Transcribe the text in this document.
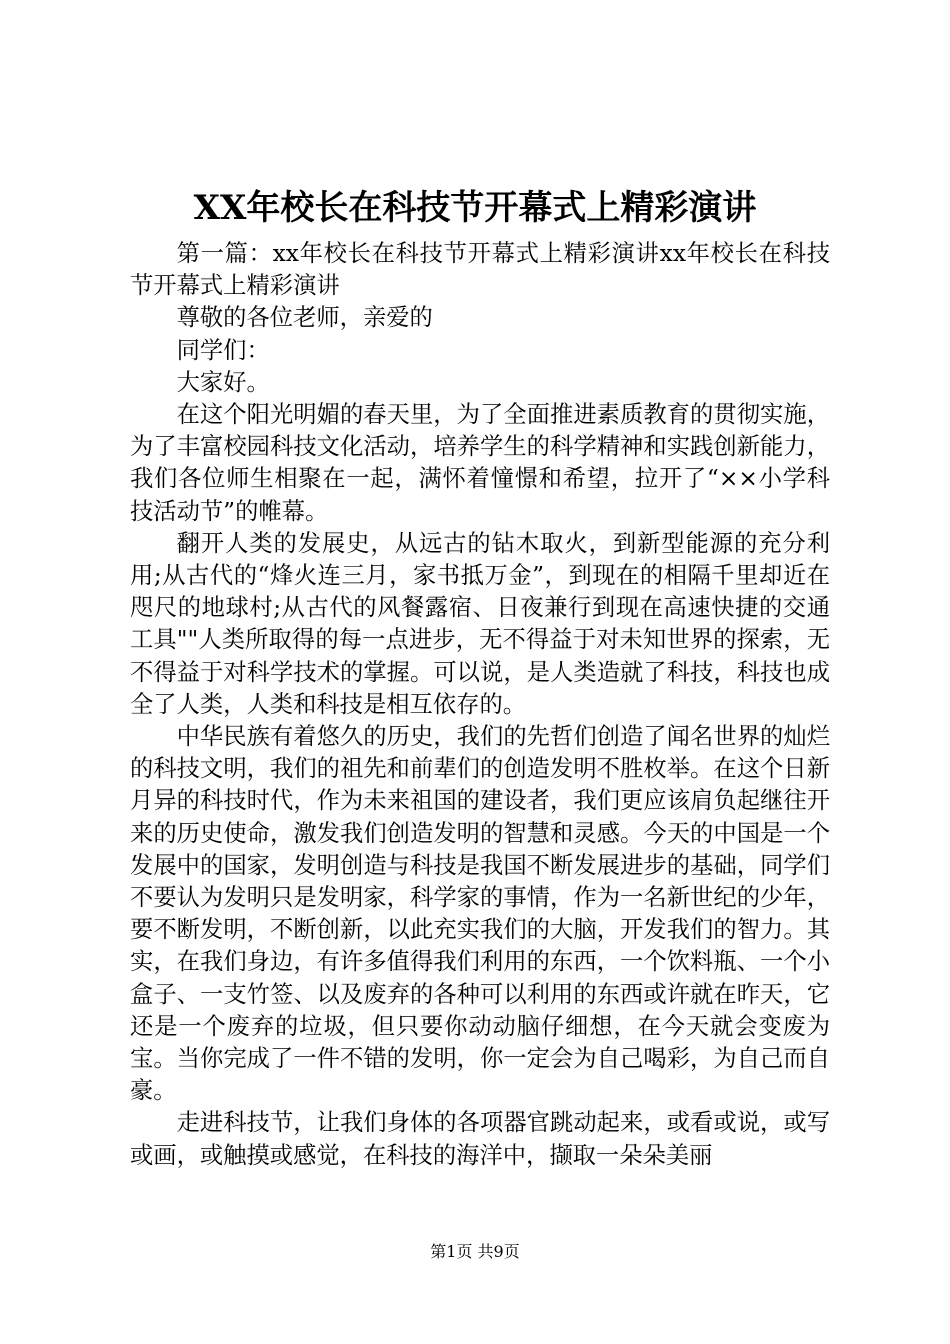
XX年校长在科技节开幕式上精彩演讲

第一篇：xx年校长在科技节开幕式上精彩演讲xx年校长在科技节开幕式上精彩演讲

尊敬的各位老师，亲爱的

同学们：

大家好。

在这个阳光明媚的春天里，为了全面推进素质教育的贯彻实施，为了丰富校园科技文化活动，培养学生的科学精神和实践创新能力，我们各位师生相聚在一起，满怀着憧憬和希望，拉开了“××小学科技活动节”的帷幕。

翻开人类的发展史，从远古的钻木取火，到新型能源的充分利用;从古代的“烽火连三月，家书抵万金”，到现在的相隔千里却近在咫尺的地球村;从古代的风餐露宿、日夜兼行到现在高速快捷的交通工具""人类所取得的每一点进步，无不得益于对未知世界的探索，无不得益于对科学技术的掌握。可以说，是人类造就了科技，科技也成全了人类，人类和科技是相互依存的。

中华民族有着悠久的历史，我们的先哲们创造了闻名世界的灿烂的科技文明，我们的祖先和前辈们的创造发明不胜枚举。在这个日新月异的科技时代，作为未来祖国的建设者，我们更应该肩负起继往开来的历史使命，激发我们创造发明的智慧和灵感。今天的中国是一个发展中的国家，发明创造与科技是我国不断发展进步的基础，同学们不要认为发明只是发明家，科学家的事情，作为一名新世纪的少年，要不断发明，不断创新，以此充实我们的大脑，开发我们的智力。其实，在我们身边，有许多值得我们利用的东西，一个饮料瓶、一个小盒子、一支竹签、以及废弃的各种可以利用的东西或许就在昨天，它还是一个废弃的垃圾，但只要你动动脑仔细想，在今天就会变废为宝。当你完成了一件不错的发明，你一定会为自己喝彩，为自己而自豪。

走进科技节，让我们身体的各项器官跳动起来，或看或说，或写或画，或触摸或感觉，在科技的海洋中，撷取一朵朵美丽

第1页 共9页
